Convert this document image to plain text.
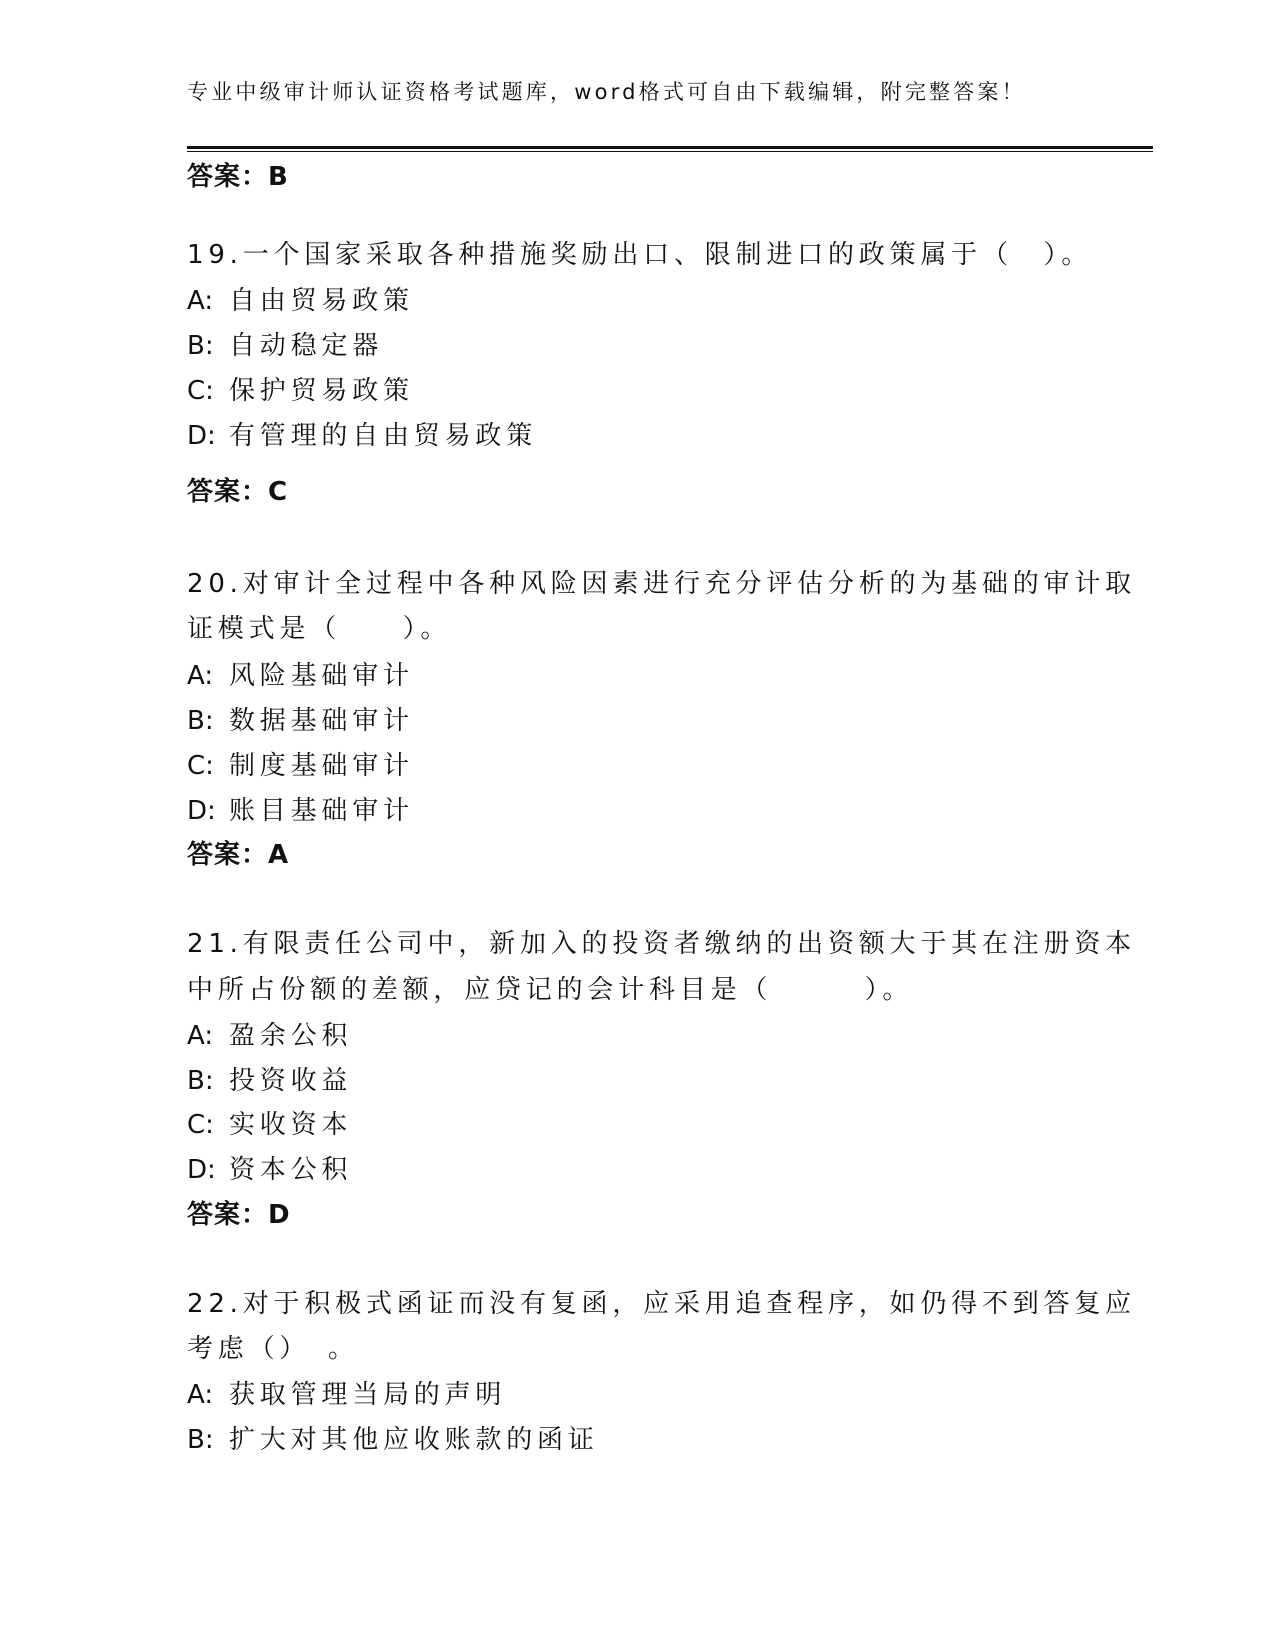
专业中级审计师认证资格考试题库，word格式可自由下载编辑，附完整答案！
答案：B
19.一个国家采取各种措施奖励出口、限制进口的政策属于（　）。
A: 自由贸易政策
B: 自动稳定器
C: 保护贸易政策
D: 有管理的自由贸易政策
答案：C
20.对审计全过程中各种风险因素进行充分评估分析的为基础的审计取
证模式是（　　）。
A: 风险基础审计
B: 数据基础审计
C: 制度基础审计
D: 账目基础审计
答案：A
21.有限责任公司中，新加入的投资者缴纳的出资额大于其在注册资本
中所占份额的差额，应贷记的会计科目是（　　　）。
A: 盈余公积
B: 投资收益
C: 实收资本
D: 资本公积
答案：D
22.对于积极式函证而没有复函，应采用追查程序，如仍得不到答复应
考虑（）　。
A: 获取管理当局的声明
B: 扩大对其他应收账款的函证
